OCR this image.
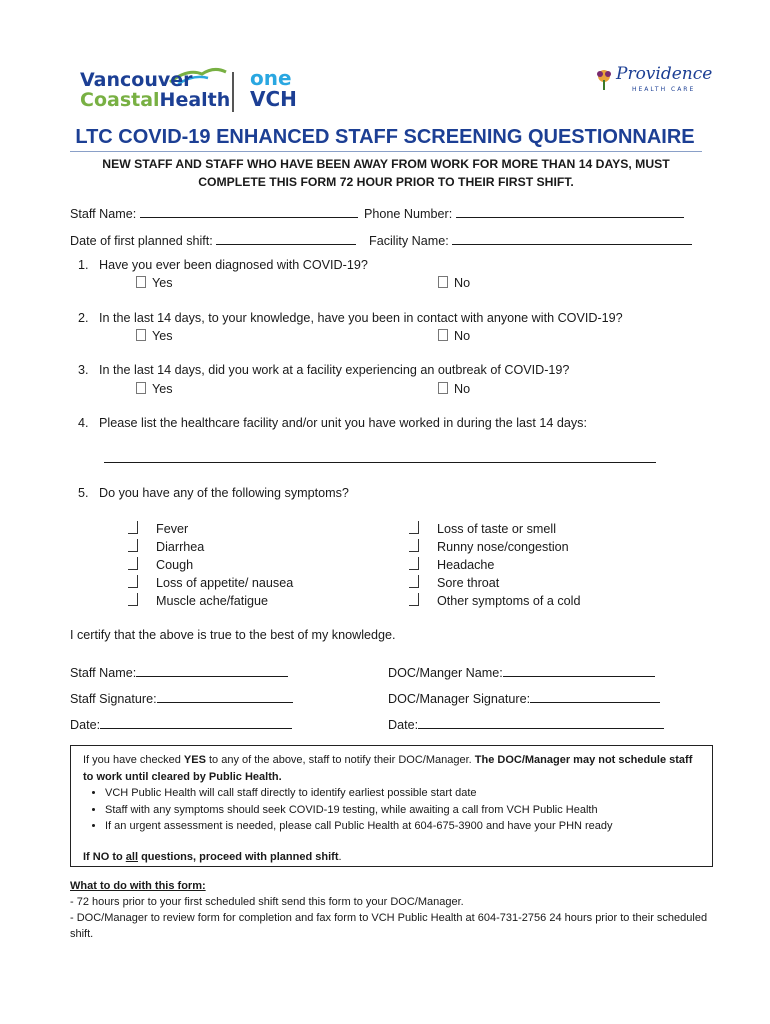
Vancouver
CoastalHealth
one
VCH
Providence
HEALTH CARE
LTC COVID-19 ENHANCED STAFF SCREENING QUESTIONNAIRE
NEW STAFF AND STAFF WHO HAVE BEEN AWAY FROM WORK FOR MORE THAN 14 DAYS, MUST COMPLETE THIS FORM 72 HOUR PRIOR TO THEIR FIRST SHIFT.
Staff Name:	Phone Number:
Date of first planned shift:	Facility Name:
1. Have you ever been diagnosed with COVID-19?
Yes	No
2. In the last 14 days, to your knowledge, have you been in contact with anyone with COVID-19?
Yes	No
3. In the last 14 days, did you work at a facility experiencing an outbreak of COVID-19?
Yes	No
4. Please list the healthcare facility and/or unit you have worked in during the last 14 days:
5. Do you have any of the following symptoms?
Fever
Diarrhea
Cough
Loss of appetite/ nausea
Muscle ache/fatigue
Loss of taste or smell
Runny nose/congestion
Headache
Sore throat
Other symptoms of a cold
I certify that the above is true to the best of my knowledge.
Staff Name:	DOC/Manger Name:
Staff Signature:	DOC/Manager Signature:
Date:	Date:
If you have checked YES to any of the above, staff to notify their DOC/Manager. The DOC/Manager may not schedule staff to work until cleared by Public Health.
• VCH Public Health will call staff directly to identify earliest possible start date
• Staff with any symptoms should seek COVID-19 testing, while awaiting a call from VCH Public Health
• If an urgent assessment is needed, please call Public Health at 604-675-3900 and have your PHN ready
If NO to all questions, proceed with planned shift.
What to do with this form:
- 72 hours prior to your first scheduled shift send this form to your DOC/Manager.
- DOC/Manager to review form for completion and fax form to VCH Public Health at 604-731-2756 24 hours prior to their scheduled shift.
